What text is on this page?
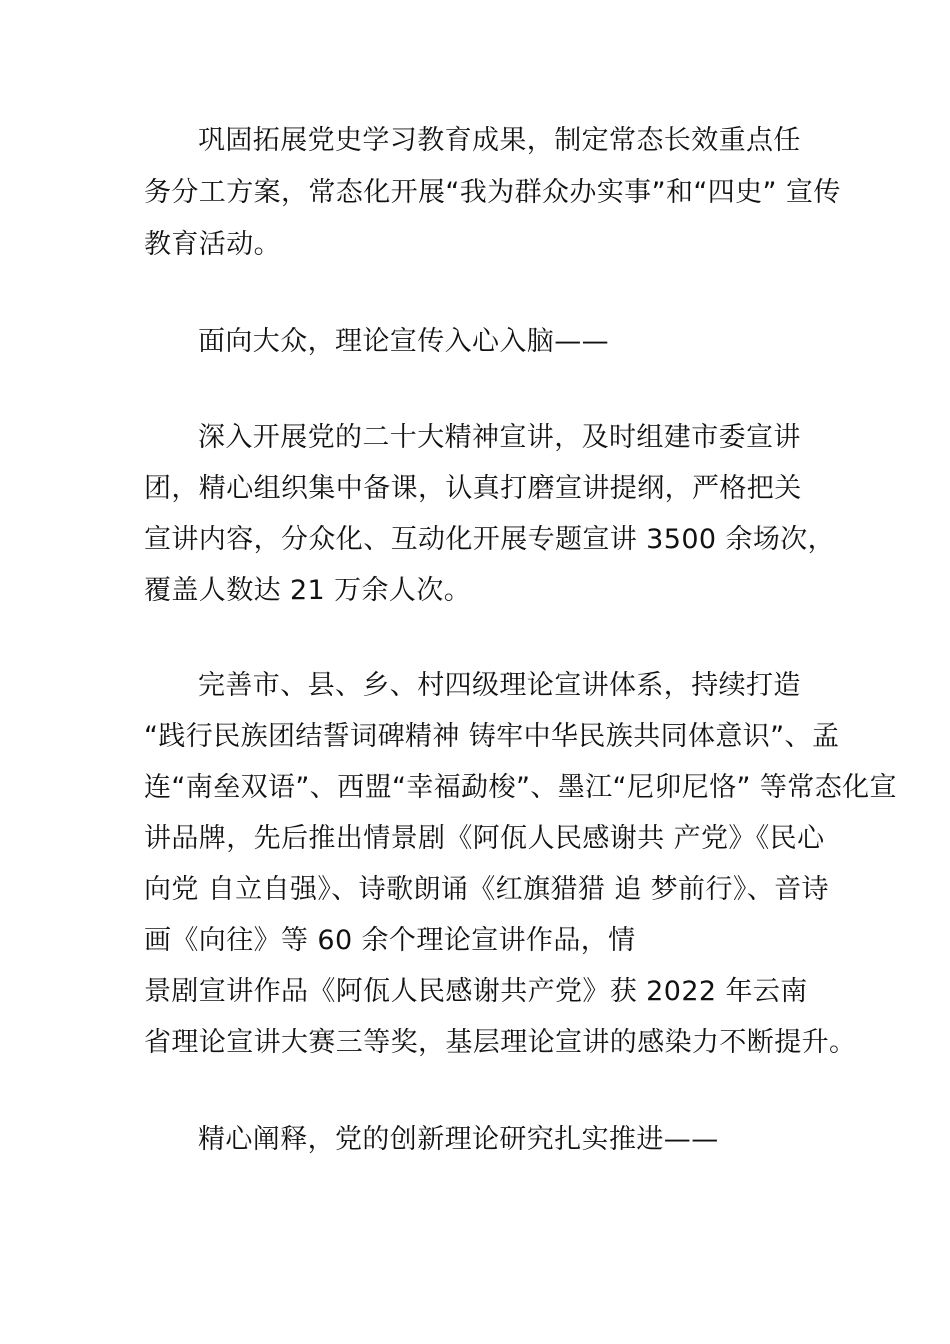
巩固拓展党史学习教育成果，制定常态长效重点任
务分工方案，常态化开展“我为群众办实事”和“四史” 宣传
教育活动。
面向大众，理论宣传入心入脑——
深入开展党的二十大精神宣讲，及时组建市委宣讲
团，精心组织集中备课，认真打磨宣讲提纲，严格把关
宣讲内容，分众化、互动化开展专题宣讲 3500 余场次，
覆盖人数达 21 万余人次。
完善市、县、乡、村四级理论宣讲体系，持续打造
“践行民族团结誓词碑精神 铸牢中华民族共同体意识”、孟
连“南垒双语”、西盟“幸福勐梭”、墨江“尼卯尼恪” 等常态化宣
讲品牌，先后推出情景剧《阿佤人民感谢共 产党》《民心
向党 自立自强》、诗歌朗诵《红旗猎猎 追 梦前行》、音诗
画《向往》等 60 余个理论宣讲作品，情
景剧宣讲作品《阿佤人民感谢共产党》获 2022 年云南
省理论宣讲大赛三等奖，基层理论宣讲的感染力不断提升。
精心阐释，党的创新理论研究扎实推进——
